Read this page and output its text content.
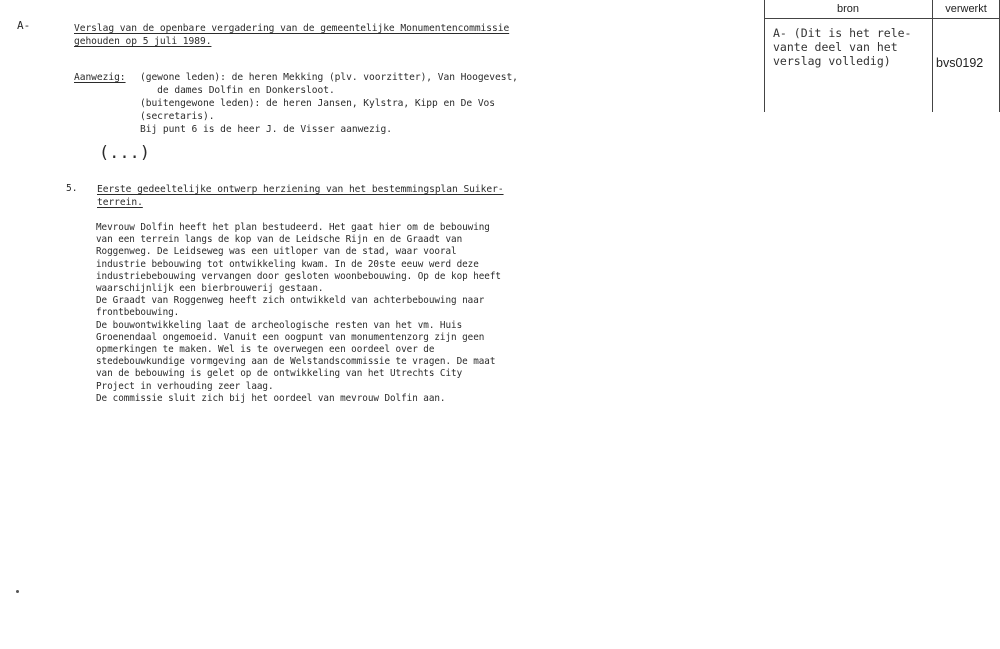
A-	Verslag van de openbare vergadering van de gemeentelijke Monumentencommissie
gehouden op 5 juli 1989.
Aanwezig: (gewone leden): de heren Mekking (plv. voorzitter), Van Hoogevest,
de dames Dolfin en Donkersloot.
(buitengewone leden): de heren Jansen, Kylstra, Kipp en De Vos
(secretaris).
Bij punt 6 is de heer J. de Visser aanwezig.
(...)
5. Eerste gedeeltelijke ontwerp herziening van het bestemmingsplan Suiker-
terrein.
Mevrouw Dolfin heeft het plan bestudeerd. Het gaat hier om de bebouwing
van een terrein langs de kop van de Leidsche Rijn en de Graadt van
Roggenweg. De Leidseweg was een uitloper van de stad, waar vooral
industrie bebouwing tot ontwikkeling kwam. In de 20ste eeuw werd deze
industriebebouwing vervangen door gesloten woonbebouwing. Op de kop heeft
waarschijnlijk een bierbrouwerij gestaan.
De Graadt van Roggenweg heeft zich ontwikkeld van achterbebouwing naar
frontbebouwing.
De bouwontwikkeling laat de archeologische resten van het vm. Huis
Groenendaal ongemoeid. Vanuit een oogpunt van monumentenzorg zijn geen
opmerkingen te maken. Wel is te overwegen een oordeel over de
stedebouwkundige vormgeving aan de Welstandscommissie te vragen. De maat
van de bebouwing is gelet op de ontwikkeling van het Utrechts City
Project in verhouding zeer laag.
De commissie sluit zich bij het oordeel van mevrouw Dolfin aan.
bron	verwerkt
A- (Dit is het rele-
vante deel van het
verslag volledig)	bvs0192
